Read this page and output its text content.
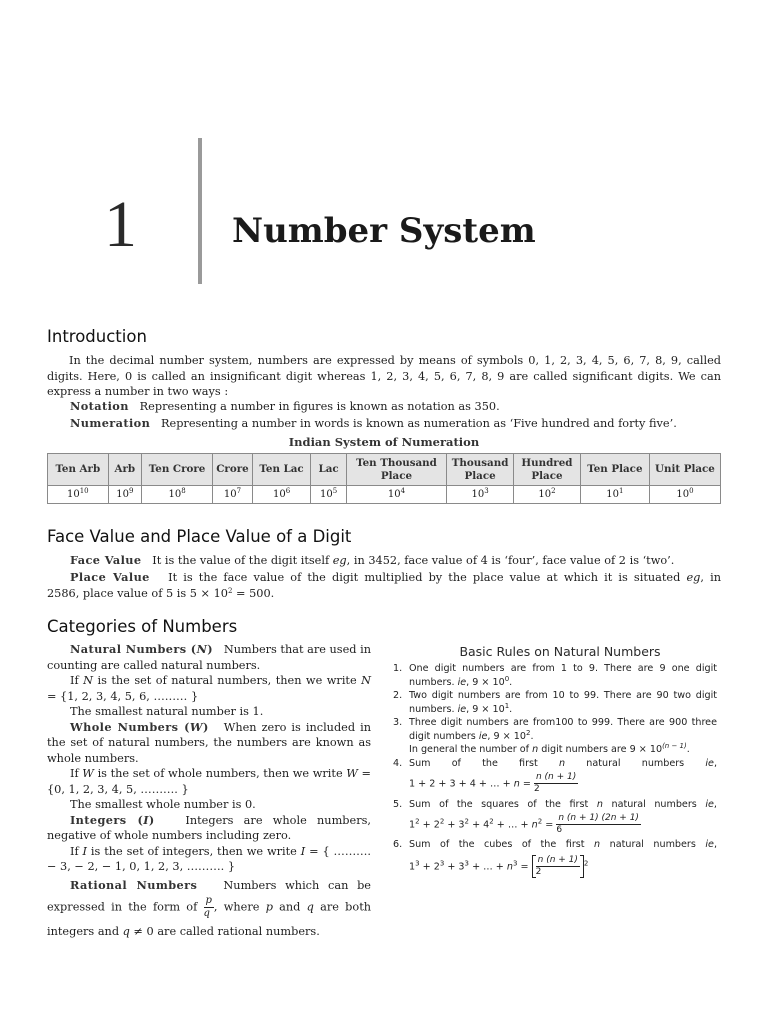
1	Number System
Introduction
In the decimal number system, numbers are expressed by means of symbols 0, 1, 2, 3, 4, 5, 6, 7, 8, 9, called
digits. Here, 0 is called an insignificant digit whereas 1, 2, 3, 4, 5, 6, 7, 8, 9 are called significant digits. We can
express a number in two ways :
Notation Representing a number in figures is known as notation as 350.
Numeration Representing a number in words is known as numeration as ‘Five hundred and forty five’.
Indian System of Numeration
Ten Arb	Arb	Ten Crore	Crore	Ten Lac	Lac	Ten Thousand Place	Thousand Place	Hundred Place	Ten Place	Unit Place
$10^{10}$	$10^9$	$10^8$	$10^7$	$10^6$	$10^5$	$10^4$	$10^3$	$10^2$	$10^1$	$10^0$
Face Value and Place Value of a Digit
Face Value It is the value of the digit itself eg, in 3452, face value of 4 is ‘four’, face value of 2 is ‘two’.
Place Value It is the face value of the digit multiplied by the place value at which it is situated eg, in
2586, place value of 5 is $5 \times 10^2 = 500$.
Categories of Numbers
Natural Numbers (N) Numbers that are used in counting are called natural numbers.
If N is the set of natural numbers, then we write N = {1, 2, 3, 4, 5, 6, ……… }
The smallest natural number is 1.
Whole Numbers (W) When zero is included in the set of natural numbers, the numbers are known as whole numbers.
If W is the set of whole numbers, then we write W = {0, 1, 2, 3, 4, 5, ………. }
The smallest whole number is 0.
Integers (I)	Integers are whole numbers, negative of whole numbers including zero.
If I is the set of integers, then we write I = { ………. − 3, − 2, − 1, 0, 1, 2, 3, ………. }
Rational Numbers Numbers which can be
expressed in the form of $\frac{p}{q}$ , where p and q are both
integers and q ≠ 0 are called rational numbers.
Basic Rules on Natural Numbers
1. One digit numbers are from 1 to 9. There are 9 one digit
numbers. ie, $9 \times 10^0$.
2. Two digit numbers are from 10 to 99. There are 90 two digit
numbers. ie, $9 \times 10^1$.
3. Three digit numbers are from100 to 999. There are 900 three
digit numbers ie, $9 \times 10^2$.
In general the number of n digit numbers are $9 \times 10^{(n - 1)}$.
4. Sum of the first n natural numbers ie,
1 + 2 + 3 + 4 + … + $n = \frac{n (n + 1)}{2}$
5. Sum of the squares of the first n natural numbers ie,
$1^2 + 2^2 + 3^2 + 4^2$ + … + $n^2 = \frac{n (n + 1) (2n + 1)}{6}$
6. Sum of the cubes of the first n natural numbers ie,
$1^3 + 2^3 + 3^3$ + … + $n^3 = \frac{n (n + 1)}{2} ^2$
